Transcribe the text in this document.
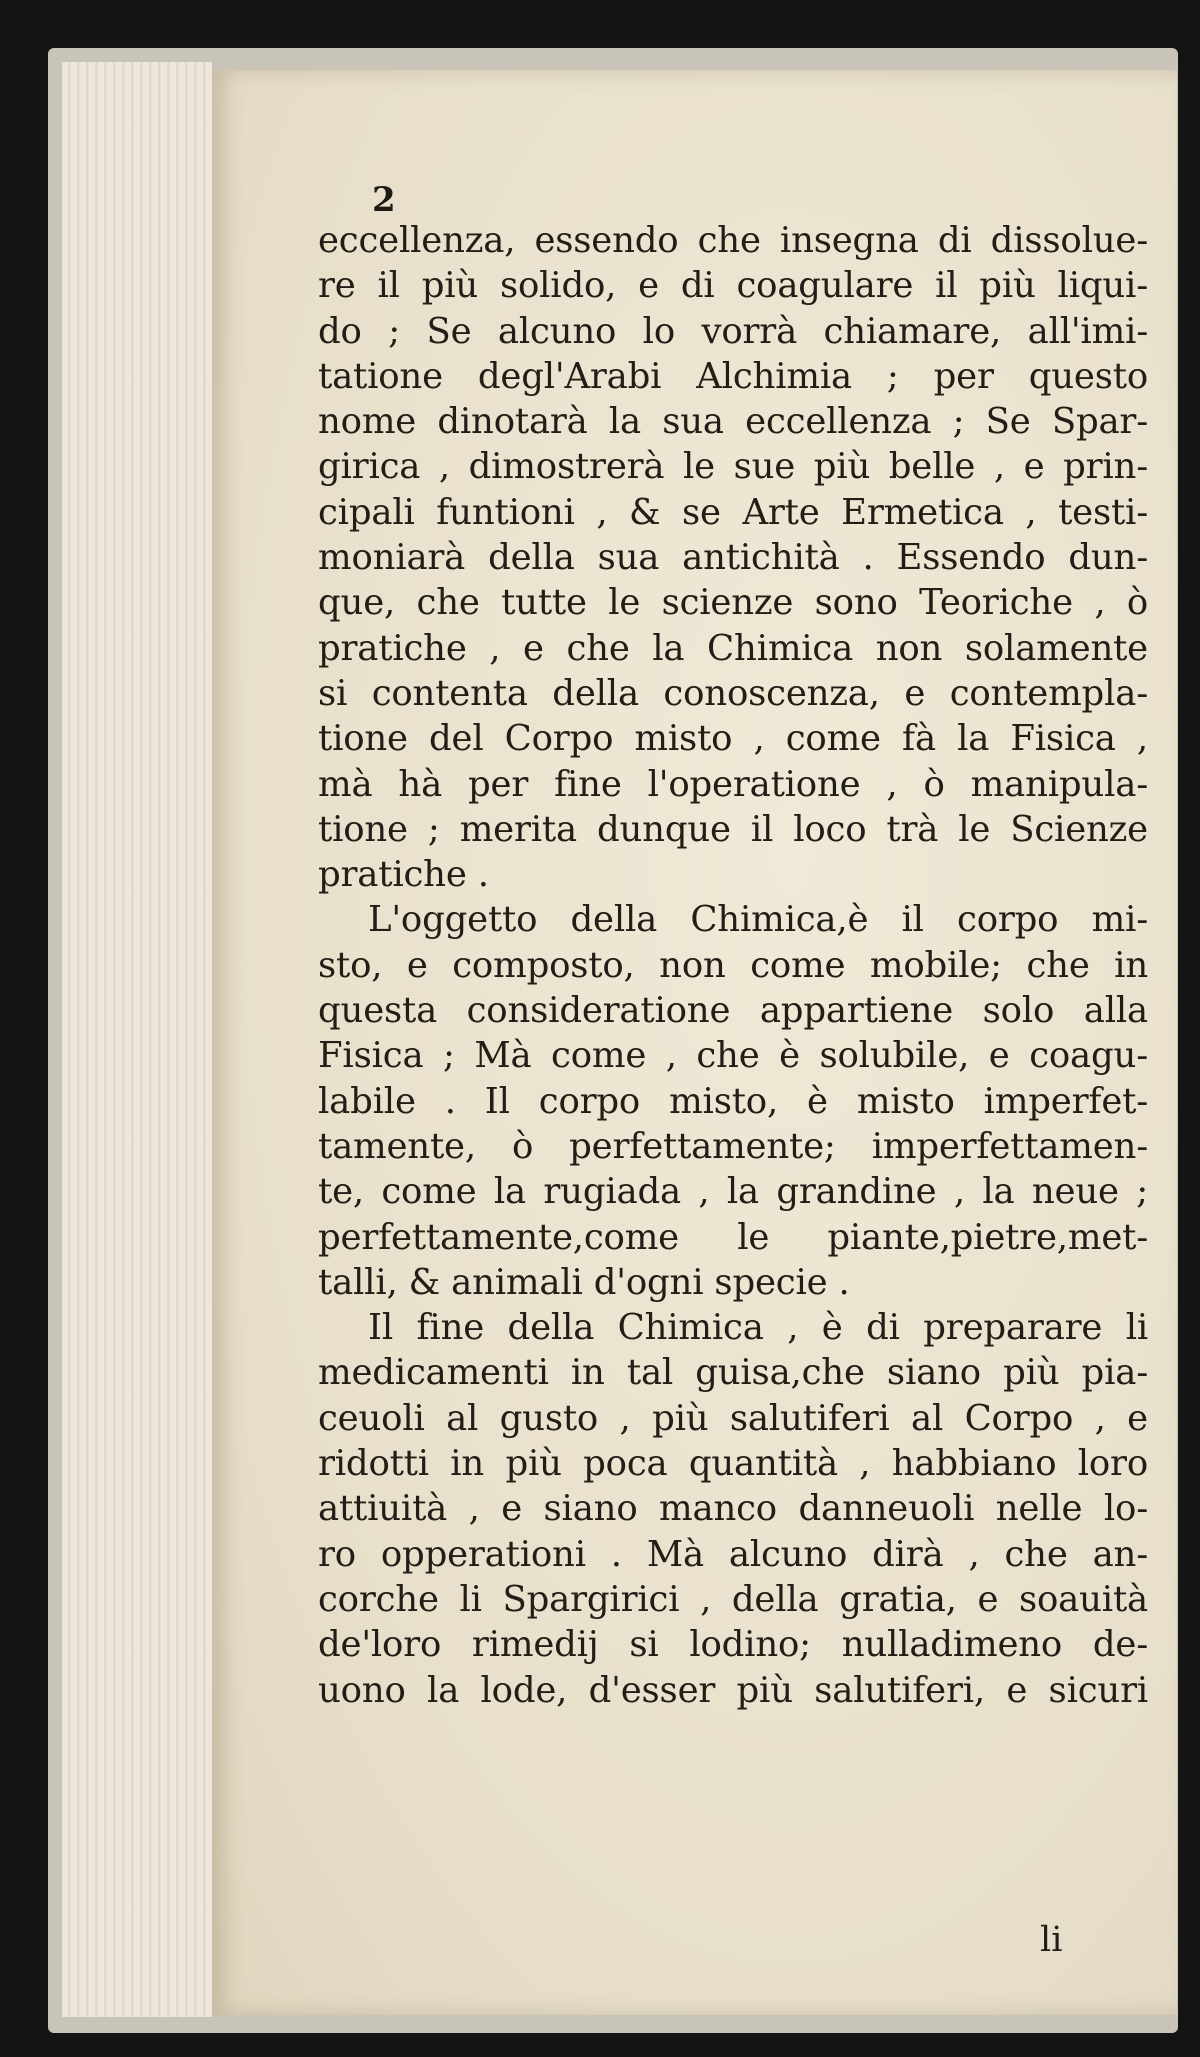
2
eccellenza, essendo che insegna di dissolue-
re il più solido, e di coagulare il più liqui-
do ; Se alcuno lo vorrà chiamare, all'imi-
tatione degl'Arabi Alchimia ; per questo
nome dinotarà la sua eccellenza ; Se Spar-
girica , dimostrerà le sue più belle , e prin-
cipali funtioni , & se Arte Ermetica , testi-
moniarà della sua antichità . Essendo dun-
que, che tutte le scienze sono Teoriche , ò
pratiche , e che la Chimica non solamente
si contenta della conoscenza, e contempla-
tione del Corpo misto , come fà la Fisica ,
mà hà per fine l'operatione , ò manipula-
tione ; merita dunque il loco trà le Scienze
pratiche .
L'oggetto della Chimica,è il corpo mi-
sto, e composto, non come mobile; che in
questa consideratione appartiene solo alla
Fisica ; Mà come , che è solubile, e coagu-
labile . Il corpo misto, è misto imperfet-
tamente, ò perfettamente; imperfettamen-
te, come la rugiada , la grandine , la neue ;
perfettamente,come le piante,pietre,met-
talli, & animali d'ogni specie .
Il fine della Chimica , è di preparare li
medicamenti in tal guisa,che siano più pia-
ceuoli al gusto , più salutiferi al Corpo , e
ridotti in più poca quantità , habbiano loro
attiuità , e siano manco danneuoli nelle lo-
ro opperationi . Mà alcuno dirà , che an-
corche li Spargirici , della gratia, e soauità
de'loro rimedij si lodino; nulladimeno de-
uono la lode, d'esser più salutiferi, e sicuri
li
